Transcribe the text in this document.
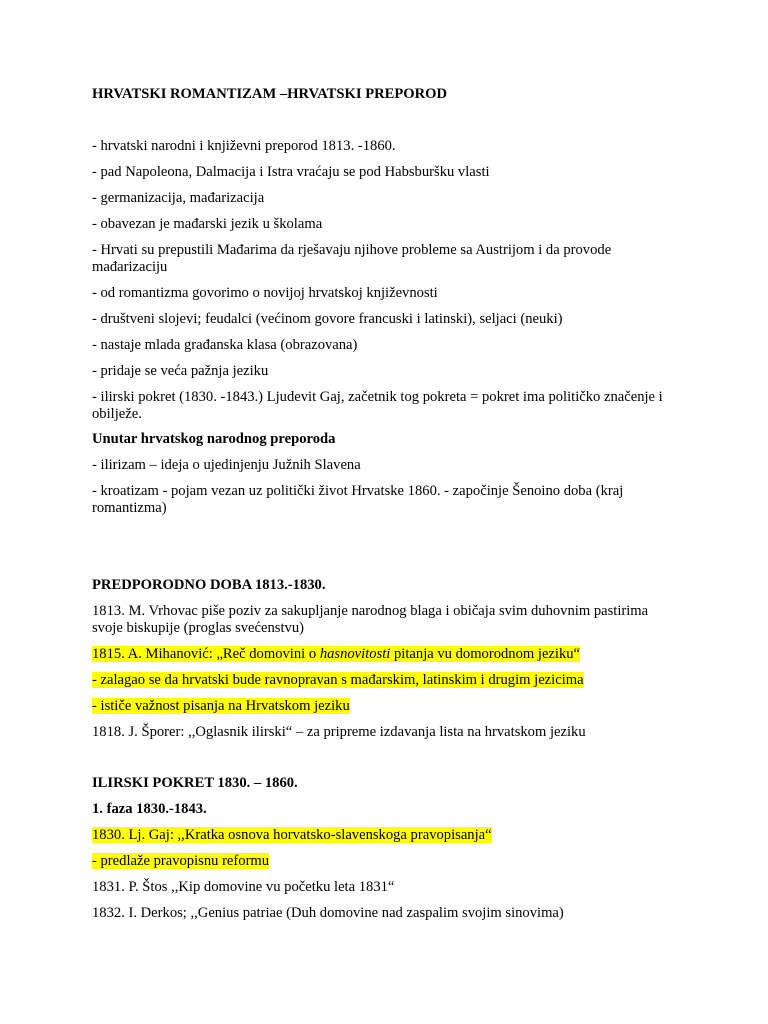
HRVATSKI ROMANTIZAM –HRVATSKI PREPOROD
- hrvatski narodni i književni preporod 1813. -1860.
- pad Napoleona, Dalmacija i Istra vraćaju se pod Habsburšku vlasti
- germanizacija, mađarizacija
- obavezan je mađarski jezik u školama
- Hrvati su prepustili Mađarima da rješavaju njihove probleme sa Austrijom i da provode mađarizaciju
- od romantizma govorimo o novijoj hrvatskoj književnosti
- društveni slojevi; feudalci (većinom govore francuski i latinski), seljaci (neuki)
- nastaje mlada građanska klasa (obrazovana)
- pridaje se veća pažnja jeziku
- ilirski pokret (1830. -1843.) Ljudevit Gaj, začetnik tog pokreta = pokret ima političko značenje i obilježe.
Unutar hrvatskog narodnog preporoda
- ilirizam – ideja o ujedinjenju Južnih Slavena
- kroatizam - pojam vezan uz politički život Hrvatske 1860. - započinje Šenoino doba (kraj romantizma)
PREDPORODNO DOBA 1813.-1830.
1813. M. Vrhovac piše poziv za sakupljanje narodnog blaga i običaja svim duhovnim pastirima svoje biskupije (proglas svećenstvu)
1815. A. Mihanović: „Reč domovini o hasnovitosti pitanja vu domorodnom jeziku“
- zalagao se da hrvatski bude ravnopravan s mađarskim, latinskim i drugim jezicima
- ističe važnost pisanja na Hrvatskom jeziku
1818. J. Šporer: ,,Oglasnik ilirski“ – za pripreme izdavanja lista na hrvatskom jeziku
ILIRSKI POKRET 1830. – 1860.
1. faza 1830.-1843.
1830. Lj. Gaj: ,,Kratka osnova horvatsko-slavenskoga pravopisanja“
- predlaže pravopisnu reformu
1831. P. Štos ,,Kip domovine vu početku leta 1831“
1832. I. Derkos; ,,Genius patriae (Duh domovine nad zaspalim svojim sinovima)
